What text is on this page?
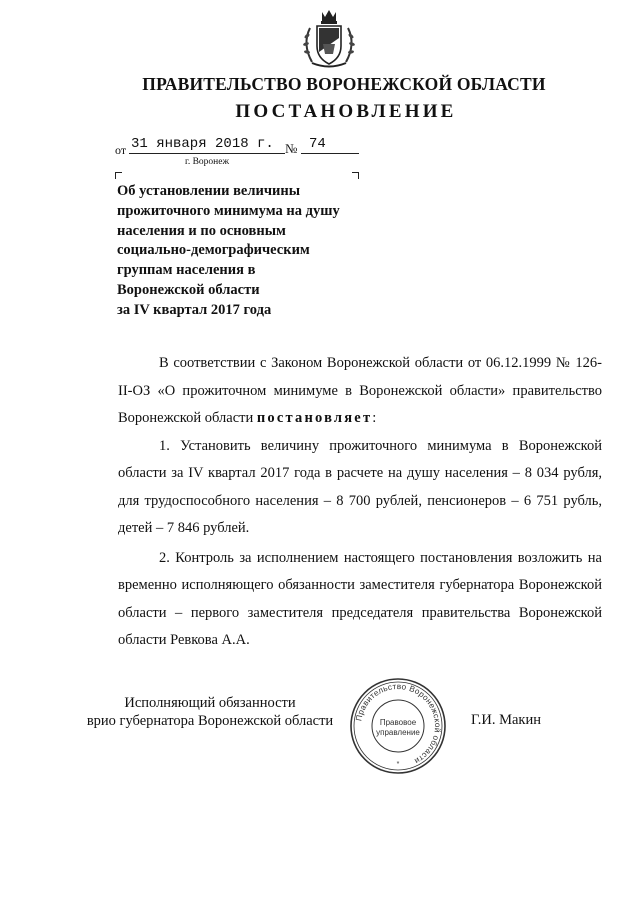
ПРАВИТЕЛЬСТВО ВОРОНЕЖСКОЙ ОБЛАСТИ
ПОСТАНОВЛЕНИЕ
от 31 января 2018 г. № 74
г. Воронеж
Об установлении величины
прожиточного минимума на душу
населения и по основным
социально-демографическим
группам населения в
Воронежской области
за IV квартал 2017 года

В соответствии с Законом Воронежской области от 06.12.1999 № 126-II-ОЗ «О прожиточном минимуме в Воронежской области» правительство Воронежской области постановляет:

1. Установить величину прожиточного минимума в Воронежской области за IV квартал 2017 года в расчете на душу населения – 8 034 рубля, для трудоспособного населения – 8 700 рублей, пенсионеров – 6 751 рубль, детей – 7 846 рублей.

2. Контроль за исполнением настоящего постановления возложить на временно исполняющего обязанности заместителя губернатора Воронежской области – первого заместителя председателя правительства Воронежской области Ревкова А.А.

Исполняющий обязанности
врио губернатора Воронежской области	Правительство Воронежской области
Правовое
управление
*
Г.И. Макин
